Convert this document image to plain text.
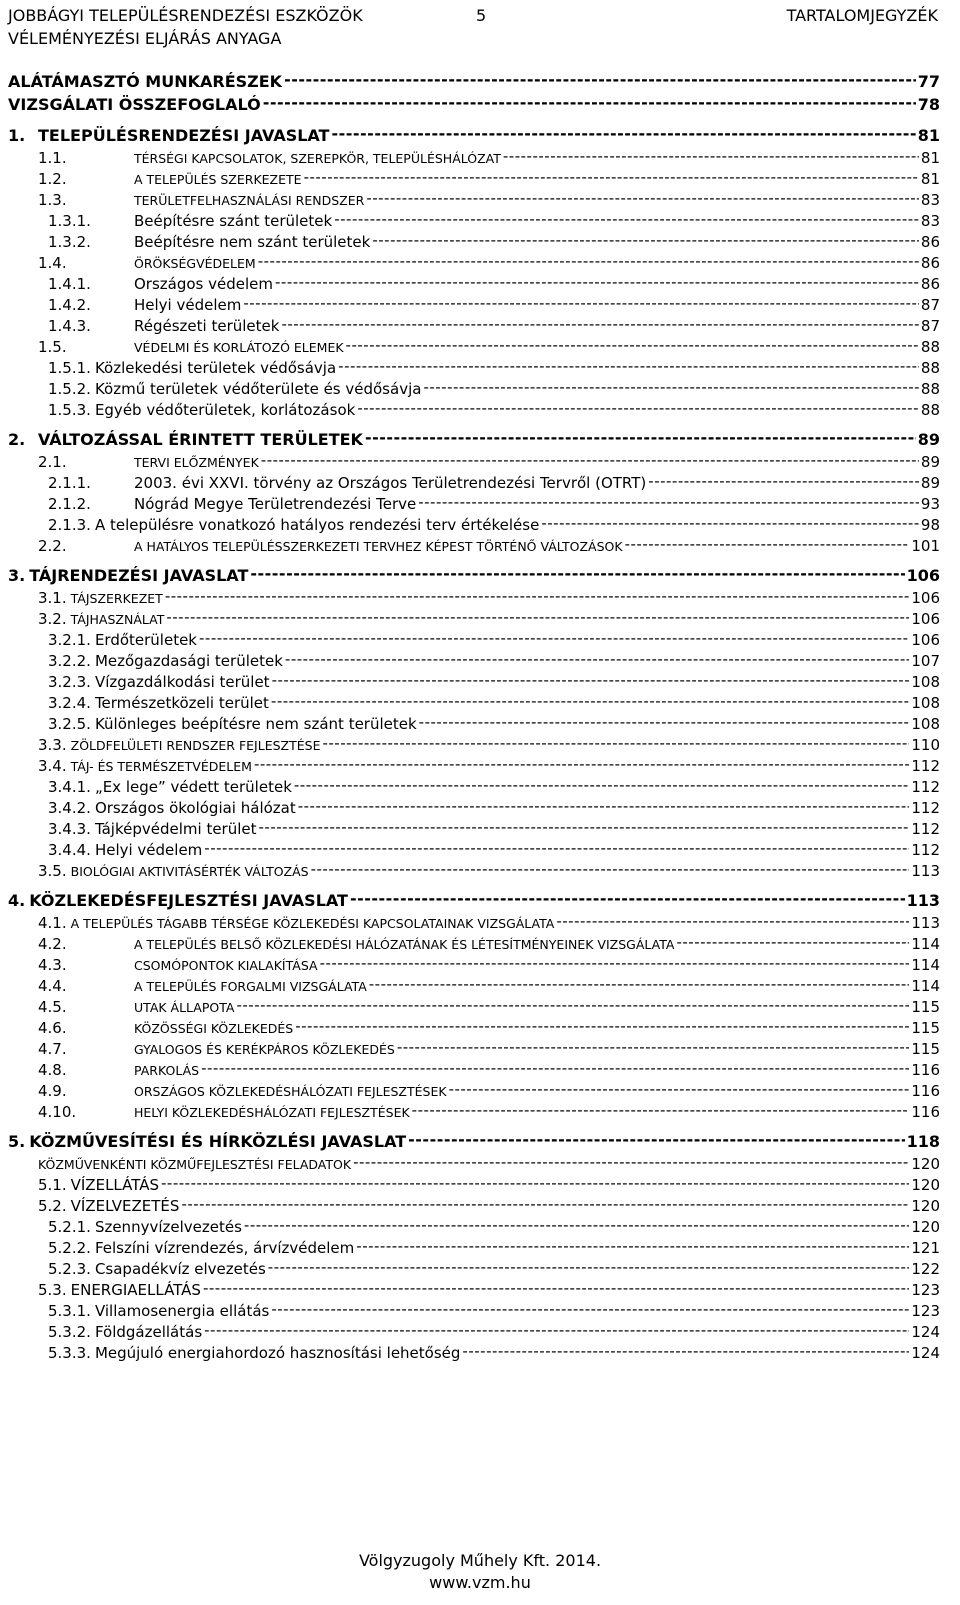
JOBBÁGYI TELEPÜLÉSRENDEZÉSI ESZKÖZÖK	TARTALOMJEGYZÉK
5
VÉLEMÉNYEZÉSI ELJÁRÁS ANYAGA
ALÁTÁMASZTÓ MUNKARÉSZEK -----	77
VIZSGÁLATI ÖSSZEFOGLALÓ -----	78
1. TELEPÜLÉSRENDEZÉSI JAVASLAT -----	81
1.1.	TÉRSÉGI KAPCSOLATOK, SZEREPKÖR, TELEPÜLÉSHÁLÓZAT -----	81
1.2.	A TELEPÜLÉS SZERKEZETE -----	81
1.3.	TERÜLETFELHASZNÁLÁSI RENDSZER -----	83
1.3.1.	Beépítésre szánt területek -----	83
1.3.2.	Beépítésre nem szánt területek -----	86
1.4.	ÖRÖKSÉGVÉDELEM -----	86
1.4.1.	Országos védelem -----	86
1.4.2.	Helyi védelem -----	87
1.4.3.	Régészeti területek -----	87
1.5.	VÉDELMI ÉS KORLÁTOZÓ ELEMEK -----	88
1.5.1. Közlekedési területek védősávja -----	88
1.5.2. Közmű területek védőterülete és védősávja -----	88
1.5.3. Egyéb védőterületek, korlátozások -----	88
2. VÁLTOZÁSSAL ÉRINTETT TERÜLETEK -----	89
2.1.	TERVI ELŐZMÉNYEK -----	89
2.1.1.	2003. évi XXVI. törvény az Országos Területrendezési Tervről (OTRT) -----	89
2.1.2.	Nógrád Megye Területrendezési Terve -----	93
2.1.3. A településre vonatkozó hatályos rendezési terv értékelése -----	98
2.2.	A HATÁLYOS TELEPÜLÉSSZERKEZETI TERVHEZ KÉPEST TÖRTÉNŐ VÁLTOZÁSOK -----	101
3. TÁJRENDEZÉSI JAVASLAT -----	106
3.1. TÁJSZERKEZET -----	106
3.2. TÁJHASZNÁLAT -----	106
3.2.1. Erdőterületek -----	106
3.2.2. Mezőgazdasági területek -----	107
3.2.3. Vízgazdálkodási terület -----	108
3.2.4. Természetközeli terület -----	108
3.2.5. Különleges beépítésre nem szánt területek -----	108
3.3. ZÖLDFELÜLETI RENDSZER FEJLESZTÉSE -----	110
3.4. TÁJ- ÉS TERMÉSZETVÉDELEM -----	112
3.4.1. „Ex lege” védett területek -----	112
3.4.2. Országos ökológiai hálózat -----	112
3.4.3. Tájképvédelmi terület -----	112
3.4.4. Helyi védelem -----	112
3.5. BIOLÓGIAI AKTIVITÁSÉRTÉK VÁLTOZÁS -----	113
4. KÖZLEKEDÉSFEJLESZTÉSI JAVASLAT -----	113
4.1. A TELEPÜLÉS TÁGABB TÉRSÉGE KÖZLEKEDÉSI KAPCSOLATAINAK VIZSGÁLATA -----	113
4.2.	A TELEPÜLÉS BELSŐ KÖZLEKEDÉSI HÁLÓZATÁNAK ÉS LÉTESÍTMÉNYEINEK VIZSGÁLATA -----	114
4.3.	CSOMÓPONTOK KIALAKÍTÁSA -----	114
4.4.	A TELEPÜLÉS FORGALMI VIZSGÁLATA -----	114
4.5.	UTAK ÁLLAPOTA -----	115
4.6.	KÖZÖSSÉGI KÖZLEKEDÉS -----	115
4.7.	GYALOGOS ÉS KERÉKPÁROS KÖZLEKEDÉS -----	115
4.8.	PARKOLÁS -----	116
4.9.	ORSZÁGOS KÖZLEKEDÉSHÁLÓZATI FEJLESZTÉSEK -----	116
4.10.	HELYI KÖZLEKEDÉSHÁLÓZATI FEJLESZTÉSEK -----	116
5. KÖZMŰVESÍTÉSI ÉS HÍRKÖZLÉSI JAVASLAT -----	118
KÖZMŰVENKÉNTI KÖZMŰFEJLESZTÉSI FELADATOK -----	120
5.1. VÍZELLÁTÁS -----	120
5.2. VÍZELVEZETÉS -----	120
5.2.1. Szennyvízelvezetés -----	120
5.2.2. Felszíni vízrendezés, árvízvédelem -----	121
5.2.3. Csapadékvíz elvezetés -----	122
5.3. ENERGIAELLÁTÁS -----	123
5.3.1. Villamosenergia ellátás -----	123
5.3.2. Földgázellátás -----	124
5.3.3. Megújuló energiahordozó hasznosítási lehetőség -----	124
Völgyzugoly Műhely Kft. 2014.
www.vzm.hu
